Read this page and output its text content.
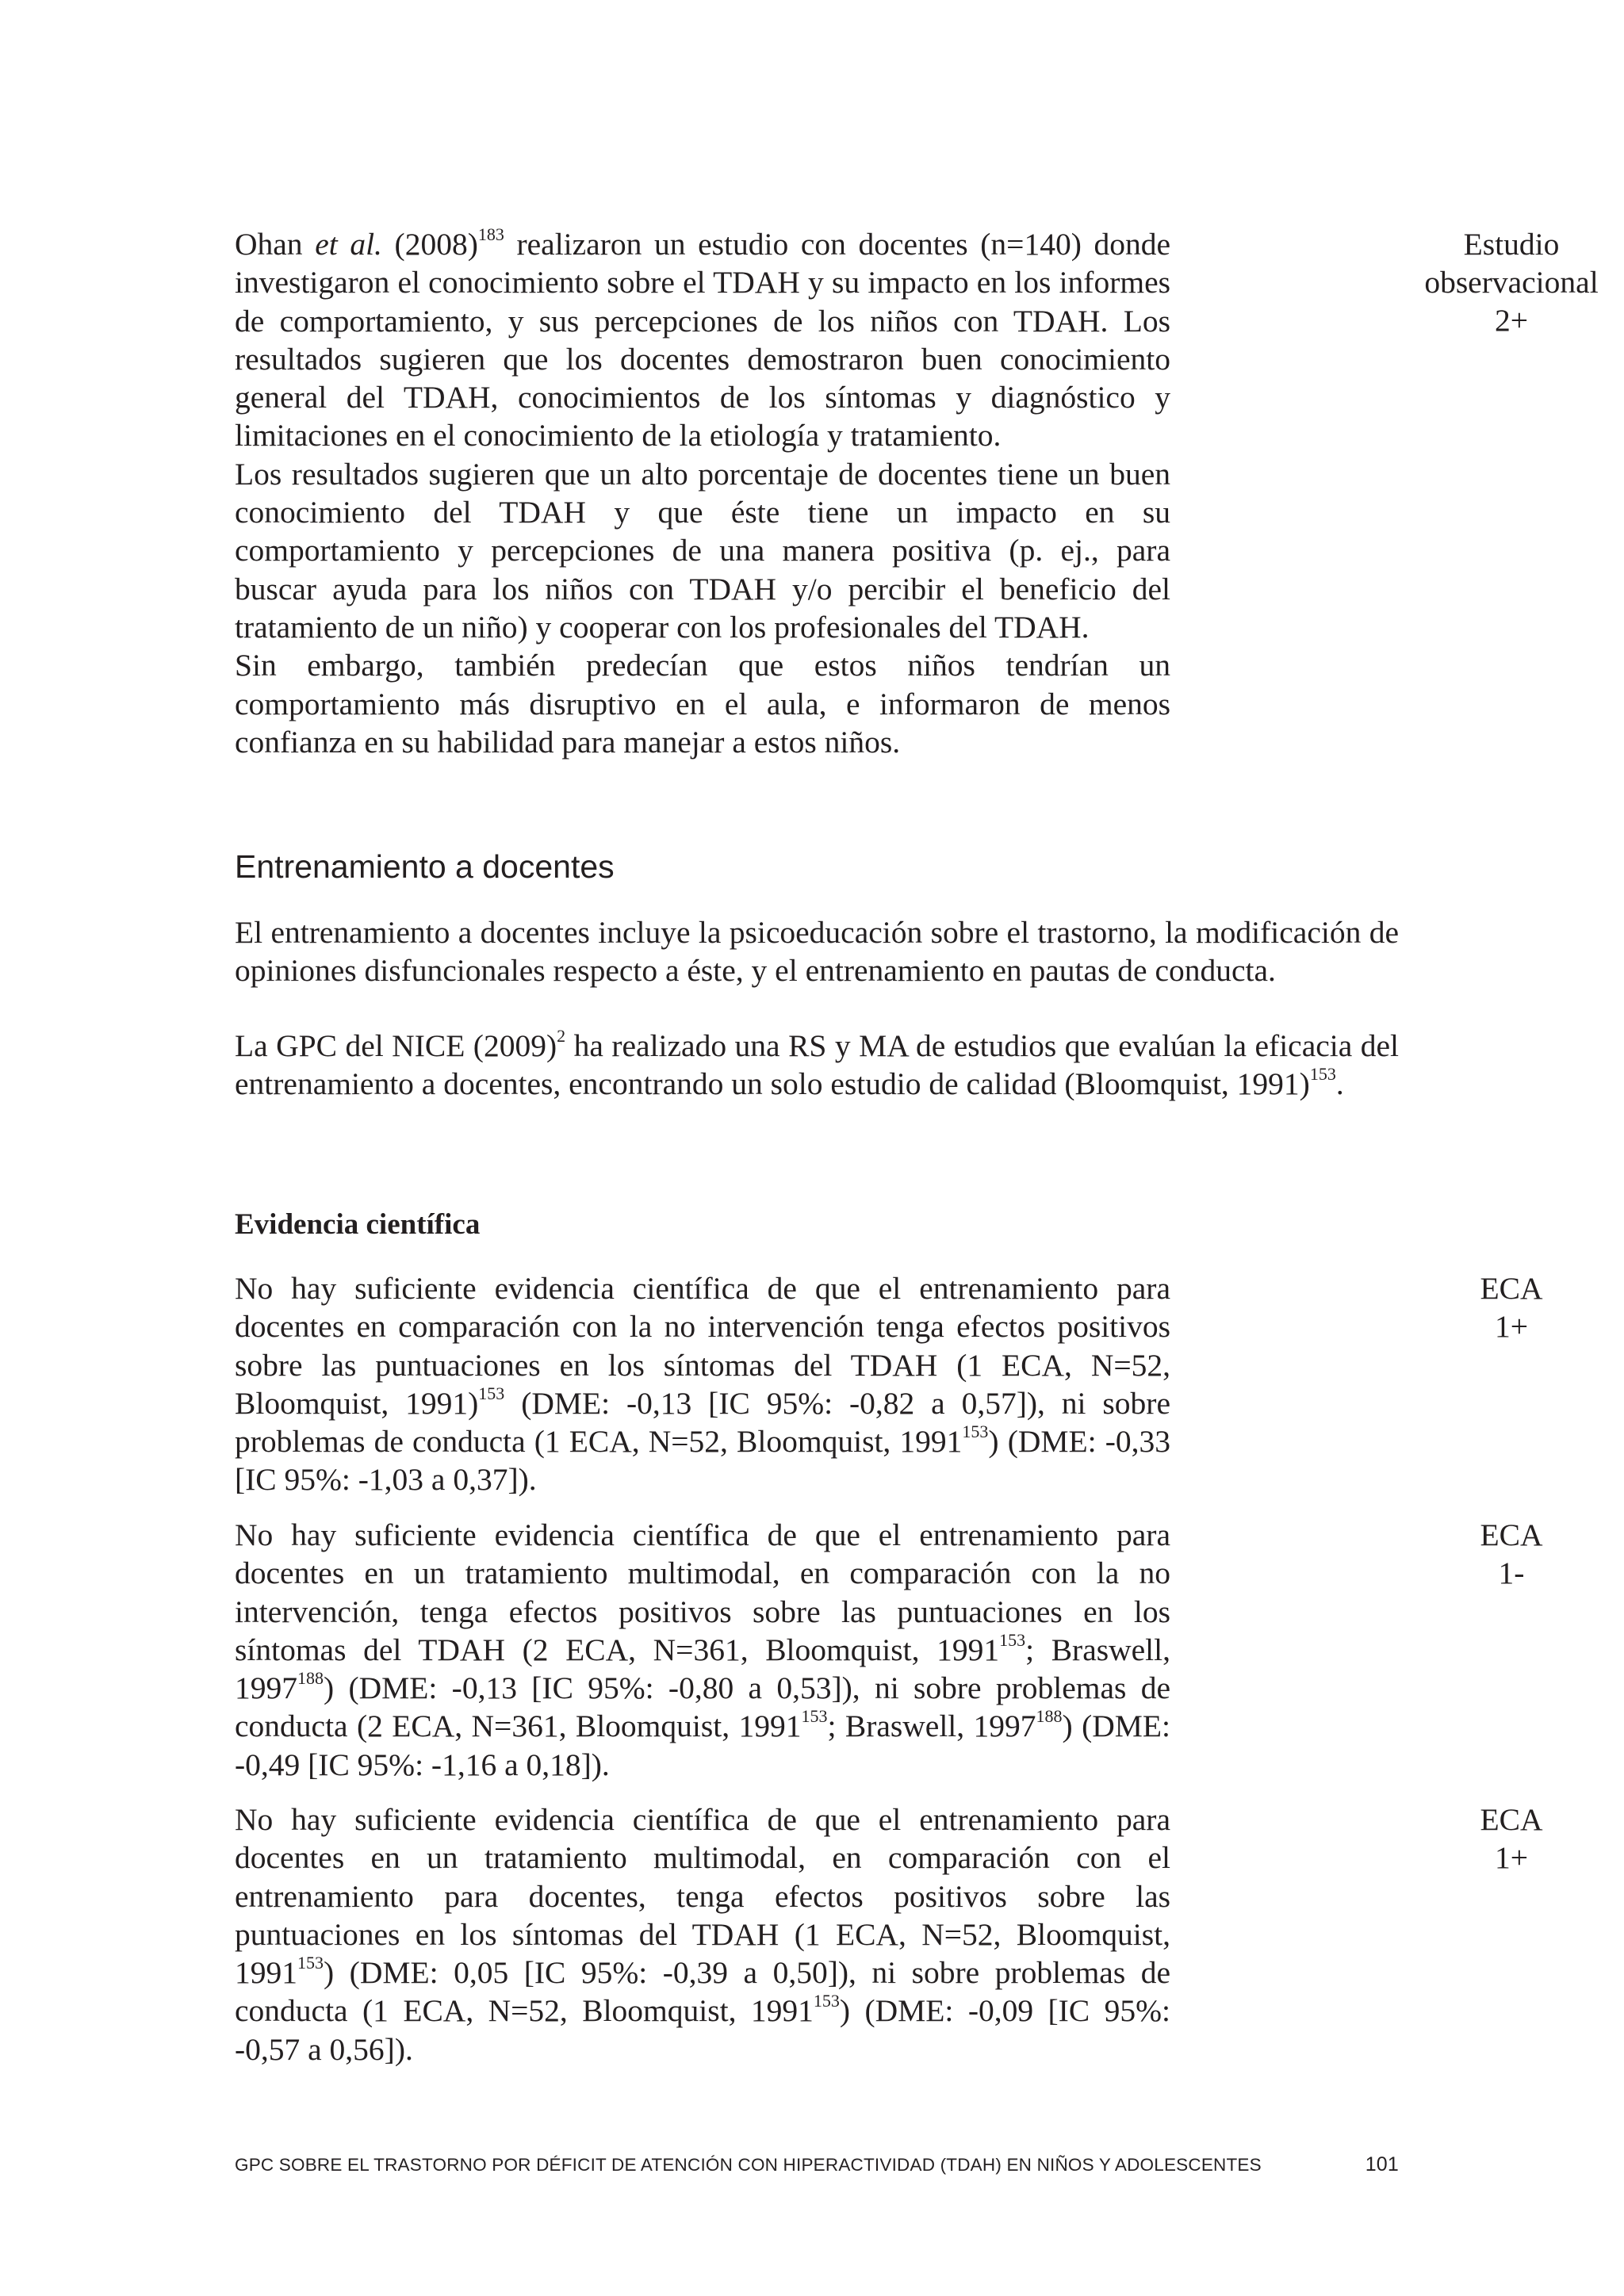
Ohan et al. $(2008)^{183}$ realizaron un estudio con docentes (n=140) donde investigaron el conocimiento sobre el TDAH y su impacto en los informes de comportamiento, y sus percepciones de los niños con TDAH. Los resultados sugieren que los docentes demostraron buen conocimiento general del TDAH, conocimientos de los síntomas y diagnóstico y limitaciones en el conocimiento de la etiología y tratamiento.

Los resultados sugieren que un alto porcentaje de docentes tiene un buen conocimiento del TDAH y que éste tiene un impacto en su comportamiento y percepciones de una manera positiva (p. ej., para buscar ayuda para los niños con TDAH y/o percibir el beneficio del tratamiento de un niño) y cooperar con los profesionales del TDAH.

Sin embargo, también predecían que estos niños tendrían un comportamiento más disruptivo en el aula, e informaron de menos confianza en su habilidad para manejar a estos niños.

Estudio
observacional
2+
Entrenamiento a docentes

El entrenamiento a docentes incluye la psicoeducación sobre el trastorno, la modificación de opiniones disfuncionales respecto a éste, y el entrenamiento en pautas de conducta.

La GPC del NICE $(2009)^2$ ha realizado una RS y MA de estudios que evalúan la eficacia del entrenamiento a docentes, encontrando un solo estudio de calidad (Bloomquist, 1991)$^{153}$.

Evidencia científica

No hay suficiente evidencia científica de que el entrenamiento para docentes en comparación con la no intervención tenga efectos positivos sobre las puntuaciones en los síntomas del TDAH (1 ECA, N=52, Bloomquist, 1991)$^{153}$ (DME: -0,13 [IC 95%: -0,82 a 0,57]), ni sobre problemas de conducta (1 ECA, N=52, Bloomquist, 1991$^{153}$) (DME: -0,33 [IC 95%: -1,03 a 0,37]).

ECA
1+

No hay suficiente evidencia científica de que el entrenamiento para docentes en un tratamiento multimodal, en comparación con la no intervención, tenga efectos positivos sobre las puntuaciones en los síntomas del TDAH (2 ECA, N=361, Bloomquist, 1991$^{153}$; Braswell, 1997$^{188}$) (DME: -0,13 [IC 95%: -0,80 a 0,53]), ni sobre problemas de conducta (2 ECA, N=361, Bloomquist, 1991$^{153}$; Braswell, 1997$^{188}$) (DME: -0,49 [IC 95%: -1,16 a 0,18]).

ECA
1-

No hay suficiente evidencia científica de que el entrenamiento para docentes en un tratamiento multimodal, en comparación con el entrenamiento para docentes, tenga efectos positivos sobre las puntuaciones en los síntomas del TDAH (1 ECA, N=52, Bloomquist, 1991$^{153}$) (DME: 0,05 [IC 95%: -0,39 a 0,50]), ni sobre problemas de conducta (1 ECA, N=52, Bloomquist, 1991$^{153}$) (DME: -0,09 [IC 95%: -0,57 a 0,56]).

ECA
1+
GPC SOBRE EL TRASTORNO POR DÉFICIT DE ATENCIÓN CON HIPERACTIVIDAD (TDAH) EN NIÑOS Y ADOLESCENTES	101
